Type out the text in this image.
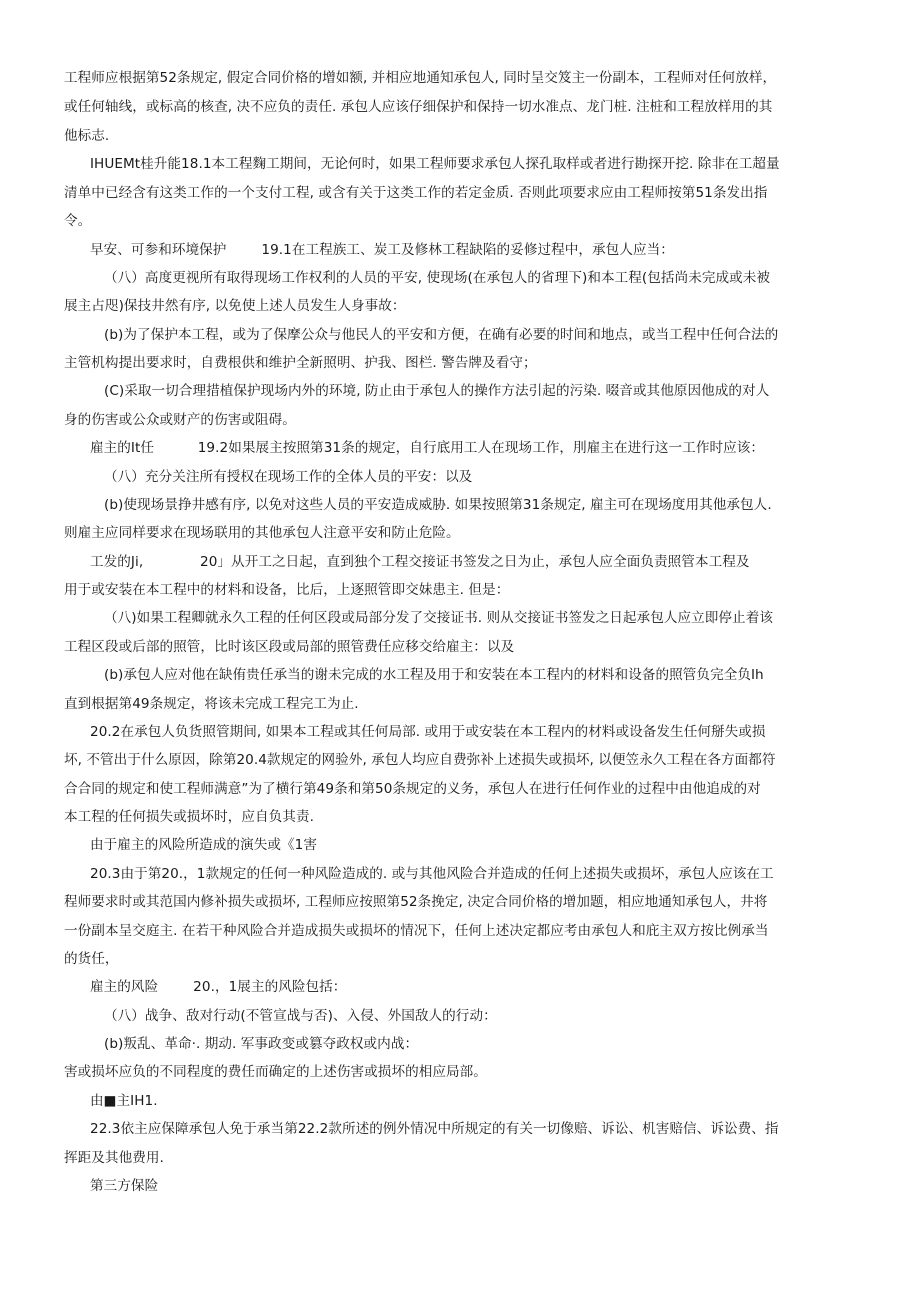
工程师应根据第52条规定, 假定合同价格的增如额, 并相应地通知承包人, 同时呈交笈主一份副本，工程师对任何放样，
或任何轴线，或标高的核查, 决不应负的责任. 承包人应该仔细保护和保持一切水准点、龙门桩. 注桩和工程放样用的其
他标志.
IHUEMt桂升能18.1本工程麴工期间，无论何时，如果工程师要求承包人探孔取样或者进行勘探开挖. 除非在工超量
清单中已经含有这类工作的一个支付工程, 或含有关于这类工作的若定金质. 否则此项要求应由工程师按第51条发出指
令。
早安、可参和环境保护        19.1在工程族工、炭工及修林工程缺陷的妥修过程中，承包人应当：
（八）高度更视所有取得现场工作权利的人员的平安, 使现场(在承包人的省理下)和本工程(包括尚未完成或未被
展主占咫)保技井然有序, 以免使上述人员发生人身事故：
(b)为了保护本工程，或为了保摩公众与他民人的平安和方便，在确有必要的时间和地点，或当工程中任何合法的
主管机构提出要求时，自费根供和维护全新照明、护我、图栏. 警告牌及看守；
(C)采取一切合理措植保护现场内外的环境, 防止由于承包人的操作方法引起的污染. 啜音或其他原因他成的对人
身的伤害或公众或财产的伤害或阻碍。
雇主的It任          19.2如果展主按照第31条的规定，自行底用工人在现场工作，刖雇主在进行这一工作时应该：
（八）充分关注所有授权在现场工作的全体人员的平安：以及
(b)使现场景挣井感有序, 以免对这些人员的平安造成威胁. 如果按照第31条规定, 雇主可在现场度用其他承包人.
则雇主应同样要求在现场联用的其他承包人注意平安和防止危险。
工发的Ji,             20」从开工之日起，直到独个工程交接证书签发之日为止，承包人应全面负责照管本工程及
用于或安装在本工程中的材料和设备，比后，上逐照管即交妹患主. 但是：
（八)如果工程卿就永久工程的任何区段或局部分发了交接证书. 则从交接证书签发之日起承包人应立即停止着该
工程区段或后部的照管，比时该区段或局部的照管费任应移交给雇主：以及
(b)承包人应对他在缺侑贵任承当的谢未完成的水工程及用于和安装在本工程内的材料和设备的照管负完全负Ih
直到根据第49条规定，将该未完成工程完工为止.
20.2在承包人负货照管期间, 如果本工程或其任何局部. 或用于或安装在本工程内的材料或设备发生任何掰失或损
坏, 不管出于什么原因，除第20.4款规定的网验外, 承包人均应自费弥补上述损失或损坏, 以便笠永久工程在各方面都符
合合同的规定和使工程师满意”为了横行第49条和第50条规定的义务，承包人在进行任何作业的过程中由他追成的对
本工程的任何损失或损坏时，应自负其责.
由于雇主的风险所造成的演失或《1害
20.3由于第20.，1款规定的任何一种风险造成的. 或与其他风险合并造成的任何上述损失或损坏，承包人应该在工
程师要求时或其范国内修补损失或损坏, 工程师应按照第52条挽定, 决定合同价格的增加题，相应地通知承包人，井将
一份副本呈交庭主. 在若干种风险合并造成损失或损坏的情况下，任何上述决定都应考由承包人和庇主双方按比例承当
的货任，
雇主的风险        20.，1展主的风险包括：
（八）战争、敌对行动(不管宣战与否)、入侵、外国敌人的行动：
(b)叛乱、革命·. 期动. 军事政变或篡夺政权或内战：
害或损坏应负的不同程度的费任而确定的上述伤害或损坏的相应局部。
由■主IH1.
22.3依主应保障承包人免于承当第22.2款所述的例外情况中所规定的有关一切像赔、诉讼、机害赔信、诉讼费、指
挥距及其他费用.
第三方保险
